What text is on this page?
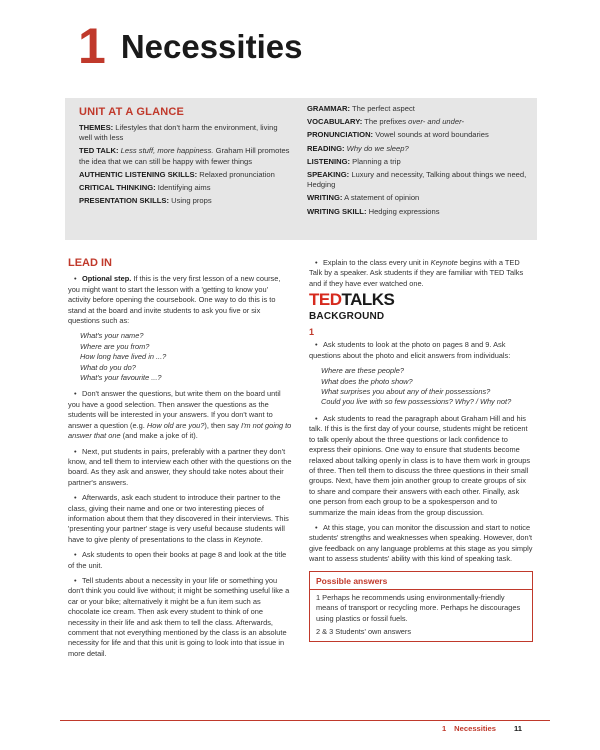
1 Necessities
UNIT AT A GLANCE
THEMES: Lifestyles that don't harm the environment, living well with less
TED TALK: Less stuff, more happiness. Graham Hill promotes the idea that we can still be happy with fewer things
AUTHENTIC LISTENING SKILLS: Relaxed pronunciation
CRITICAL THINKING: Identifying aims
PRESENTATION SKILLS: Using props
GRAMMAR: The perfect aspect
VOCABULARY: The prefixes over- and under-
PRONUNCIATION: Vowel sounds at word boundaries
READING: Why do we sleep?
LISTENING: Planning a trip
SPEAKING: Luxury and necessity, Talking about things we need, Hedging
WRITING: A statement of opinion
WRITING SKILL: Hedging expressions
LEAD IN

• Optional step. If this is the very first lesson of a new course, you might want to start the lesson with a 'getting to know you' activity before opening the coursebook. One way to do this is to stand at the board and invite students to ask you five or six questions such as:

What's your name?
Where are you from?
How long have lived in ...?
What do you do?
What's your favourite ...?

• Don't answer the questions, but write them on the board until you have a good selection. Then answer the questions as the students will be interested in your answers. If you don't want to answer a question (e.g. How old are you?), then say I'm not going to answer that one (and make a joke of it).

• Next, put students in pairs, preferably with a partner they don't know, and tell them to interview each other with the questions on the board. As they ask and answer, they should take notes about their partner's answers.

• Afterwards, ask each student to introduce their partner to the class, giving their name and one or two interesting pieces of information about them that they discovered in their interviews. This 'presenting your partner' stage is very useful because students will have to give plenty of presentations to the class in Keynote.

• Ask students to open their books at page 8 and look at the title of the unit.

• Tell students about a necessity in your life or something you don't think you could live without; it might be something useful like a car or your bike; alternatively it might be a fun item such as chocolate ice cream. Then ask every student to think of one necessity in their life and ask them to tell the class. Afterwards, comment that not everything mentioned by the class is an absolute necessity for life and that this unit is going to look into that issue in more detail.

• Explain to the class every unit in Keynote begins with a TED Talk by a speaker. Ask students if they are familiar with TED Talks and if they have ever watched one.

TEDTALKS
BACKGROUND
1

• Ask students to look at the photo on pages 8 and 9. Ask questions about the photo and elicit answers from individuals:

Where are these people?
What does the photo show?
What surprises you about any of their possessions?
Could you live with so few possessions? Why? / Why not?

• Ask students to read the paragraph about Graham Hill and his talk. If this is the first day of your course, students might be reticent to talk openly about the three questions or lack confidence to express their opinions. One way to ensure that students become relaxed about talking openly in class is to have them work in groups of three. Then tell them to discuss the three questions in their small groups. Next, have them join another group to create groups of six to share and compare their answers with each other. Finally, ask one person from each group to be a spokesperson and to summarize the main ideas from the group discussion.

• At this stage, you can monitor the discussion and start to notice students' strengths and weaknesses when speaking. However, don't give feedback on any language problems at this stage as you simply want to assess students' ability with this kind of speaking task.

Possible answers
1 Perhaps he recommends using environmentally-friendly means of transport or recycling more. Perhaps he discourages using plastics or fossil fuels.
2 & 3 Students' own answers
1 Necessities 11
